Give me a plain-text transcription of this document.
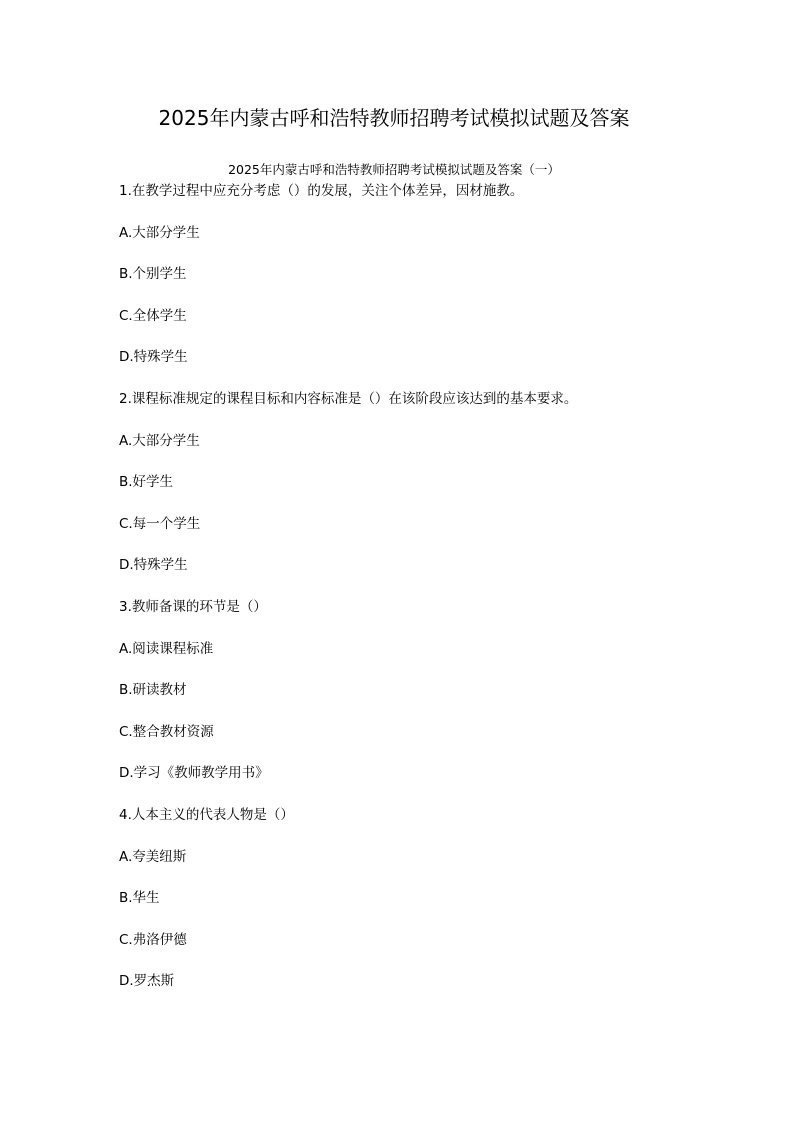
2025年内蒙古呼和浩特教师招聘考试模拟试题及答案
2025年内蒙古呼和浩特教师招聘考试模拟试题及答案（一）
1.在教学过程中应充分考虑（）的发展，关注个体差异，因材施教。
A.大部分学生
B.个别学生
C.全体学生
D.特殊学生
2.课程标准规定的课程目标和内容标准是（）在该阶段应该达到的基本要求。
A.大部分学生
B.好学生
C.每一个学生
D.特殊学生
3.教师备课的环节是（）
A.阅读课程标准
B.研读教材
C.整合教材资源
D.学习《教师教学用书》
4.人本主义的代表人物是（）
A.夸美纽斯
B.华生
C.弗洛伊德
D.罗杰斯
